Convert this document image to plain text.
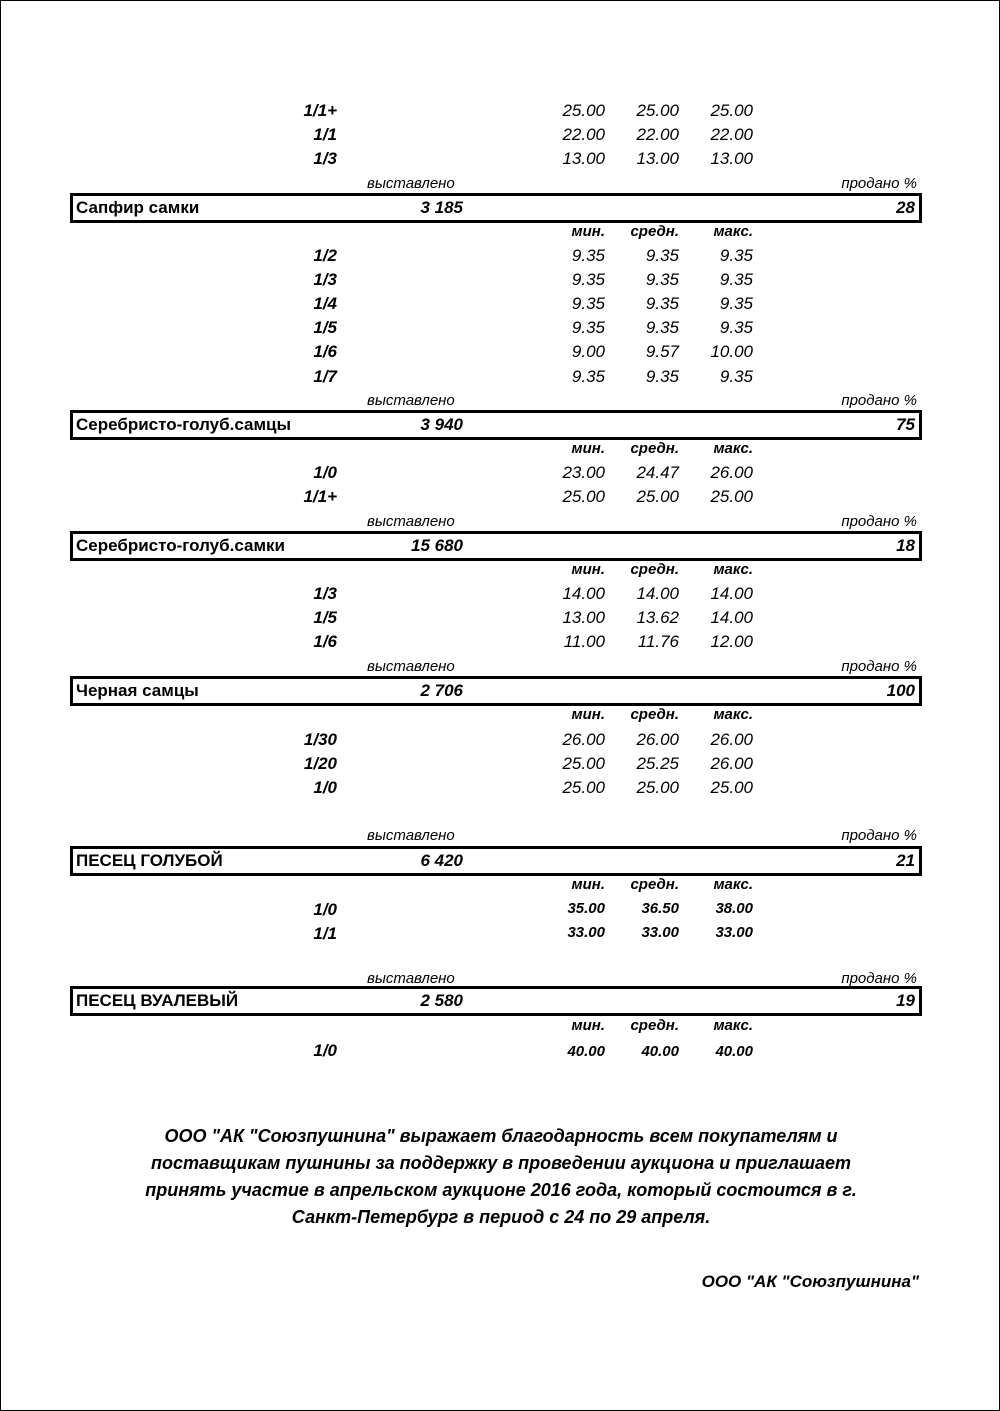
1/1+	25.00	25.00	25.00
1/1	22.00	22.00	22.00
1/3	13.00	13.00	13.00
выставлено	продано %
Сапфир самки	3 185	28
мин.	средн.	макс.
1/2	9.35	9.35	9.35
1/3	9.35	9.35	9.35
1/4	9.35	9.35	9.35
1/5	9.35	9.35	9.35
1/6	9.00	9.57	10.00
1/7	9.35	9.35	9.35
выставлено	продано %
Серебристо-голуб.самцы	3 940	75
мин.	средн.	макс.
1/0	23.00	24.47	26.00
1/1+	25.00	25.00	25.00
выставлено	продано %
Серебристо-голуб.самки	15 680	18
мин.	средн.	макс.
1/3	14.00	14.00	14.00
1/5	13.00	13.62	14.00
1/6	11.00	11.76	12.00
выставлено	продано %
Черная самцы	2 706	100
мин.	средн.	макс.
1/30	26.00	26.00	26.00
1/20	25.00	25.25	26.00
1/0	25.00	25.00	25.00
выставлено	продано %
ПЕСЕЦ ГОЛУБОЙ	6 420	21
мин.	средн.	макс.
1/0	35.00	36.50	38.00
1/1	33.00	33.00	33.00
выставлено	продано %
ПЕСЕЦ ВУАЛЕВЫЙ	2 580	19
мин.	средн.	макс.
1/0	40.00	40.00	40.00
ООО "АК "Союзпушнина" выражает благодарность всем покупателям и
поставщикам пушнины за поддержку в проведении аукциона и приглашает
принять участие в апрельском аукционе 2016 года, который состоится в г.
Санкт-Петербург в период с 24 по 29 апреля.
ООО "АК "Союзпушнина"
